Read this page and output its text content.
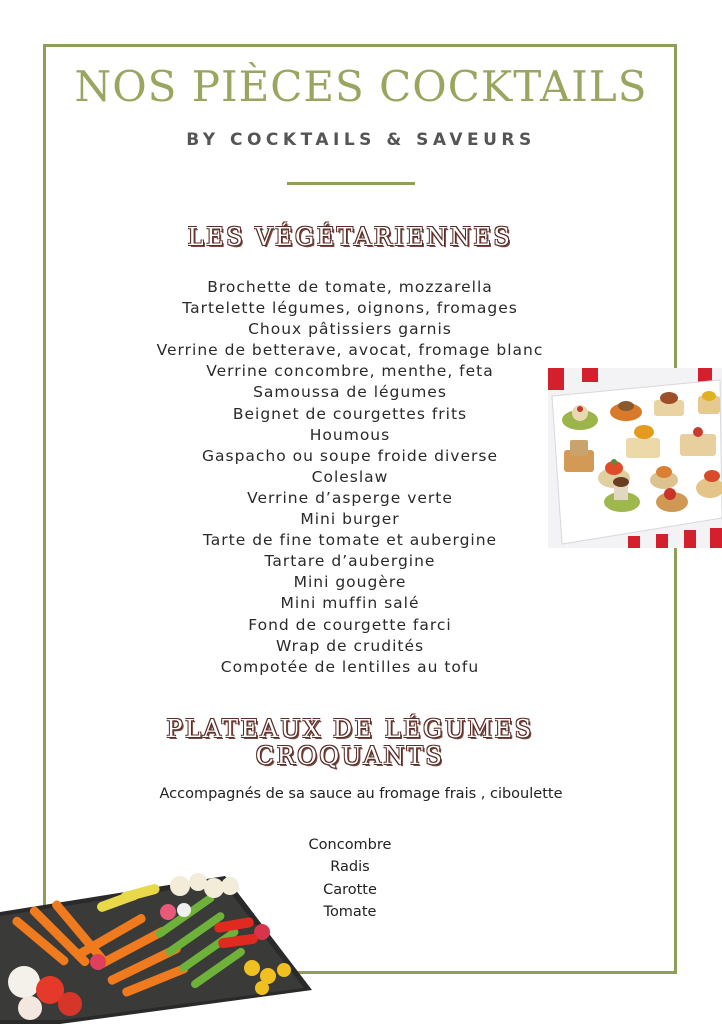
NOS PIÈCES COCKTAILS
BY COCKTAILS & SAVEURS
LES VÉGÉTARIENNES
Brochette de tomate, mozzarella
Tartelette légumes, oignons, fromages
Choux pâtissiers garnis
Verrine de betterave, avocat, fromage blanc
Verrine concombre, menthe, feta
Samoussa de légumes
Beignet de courgettes frits
Houmous
Gaspacho ou soupe froide diverse
Coleslaw
Verrine d’asperge verte
Mini burger
Tarte de fine tomate et aubergine
Tartare d’aubergine
Mini gougère
Mini muffin salé
Fond de courgette farci
Wrap de crudités
Compotée de lentilles au tofu
PLATEAUX DE LÉGUMES
CROQUANTS
Accompagnés de sa sauce au fromage frais , ciboulette
Concombre
Radis
Carotte
Tomate
